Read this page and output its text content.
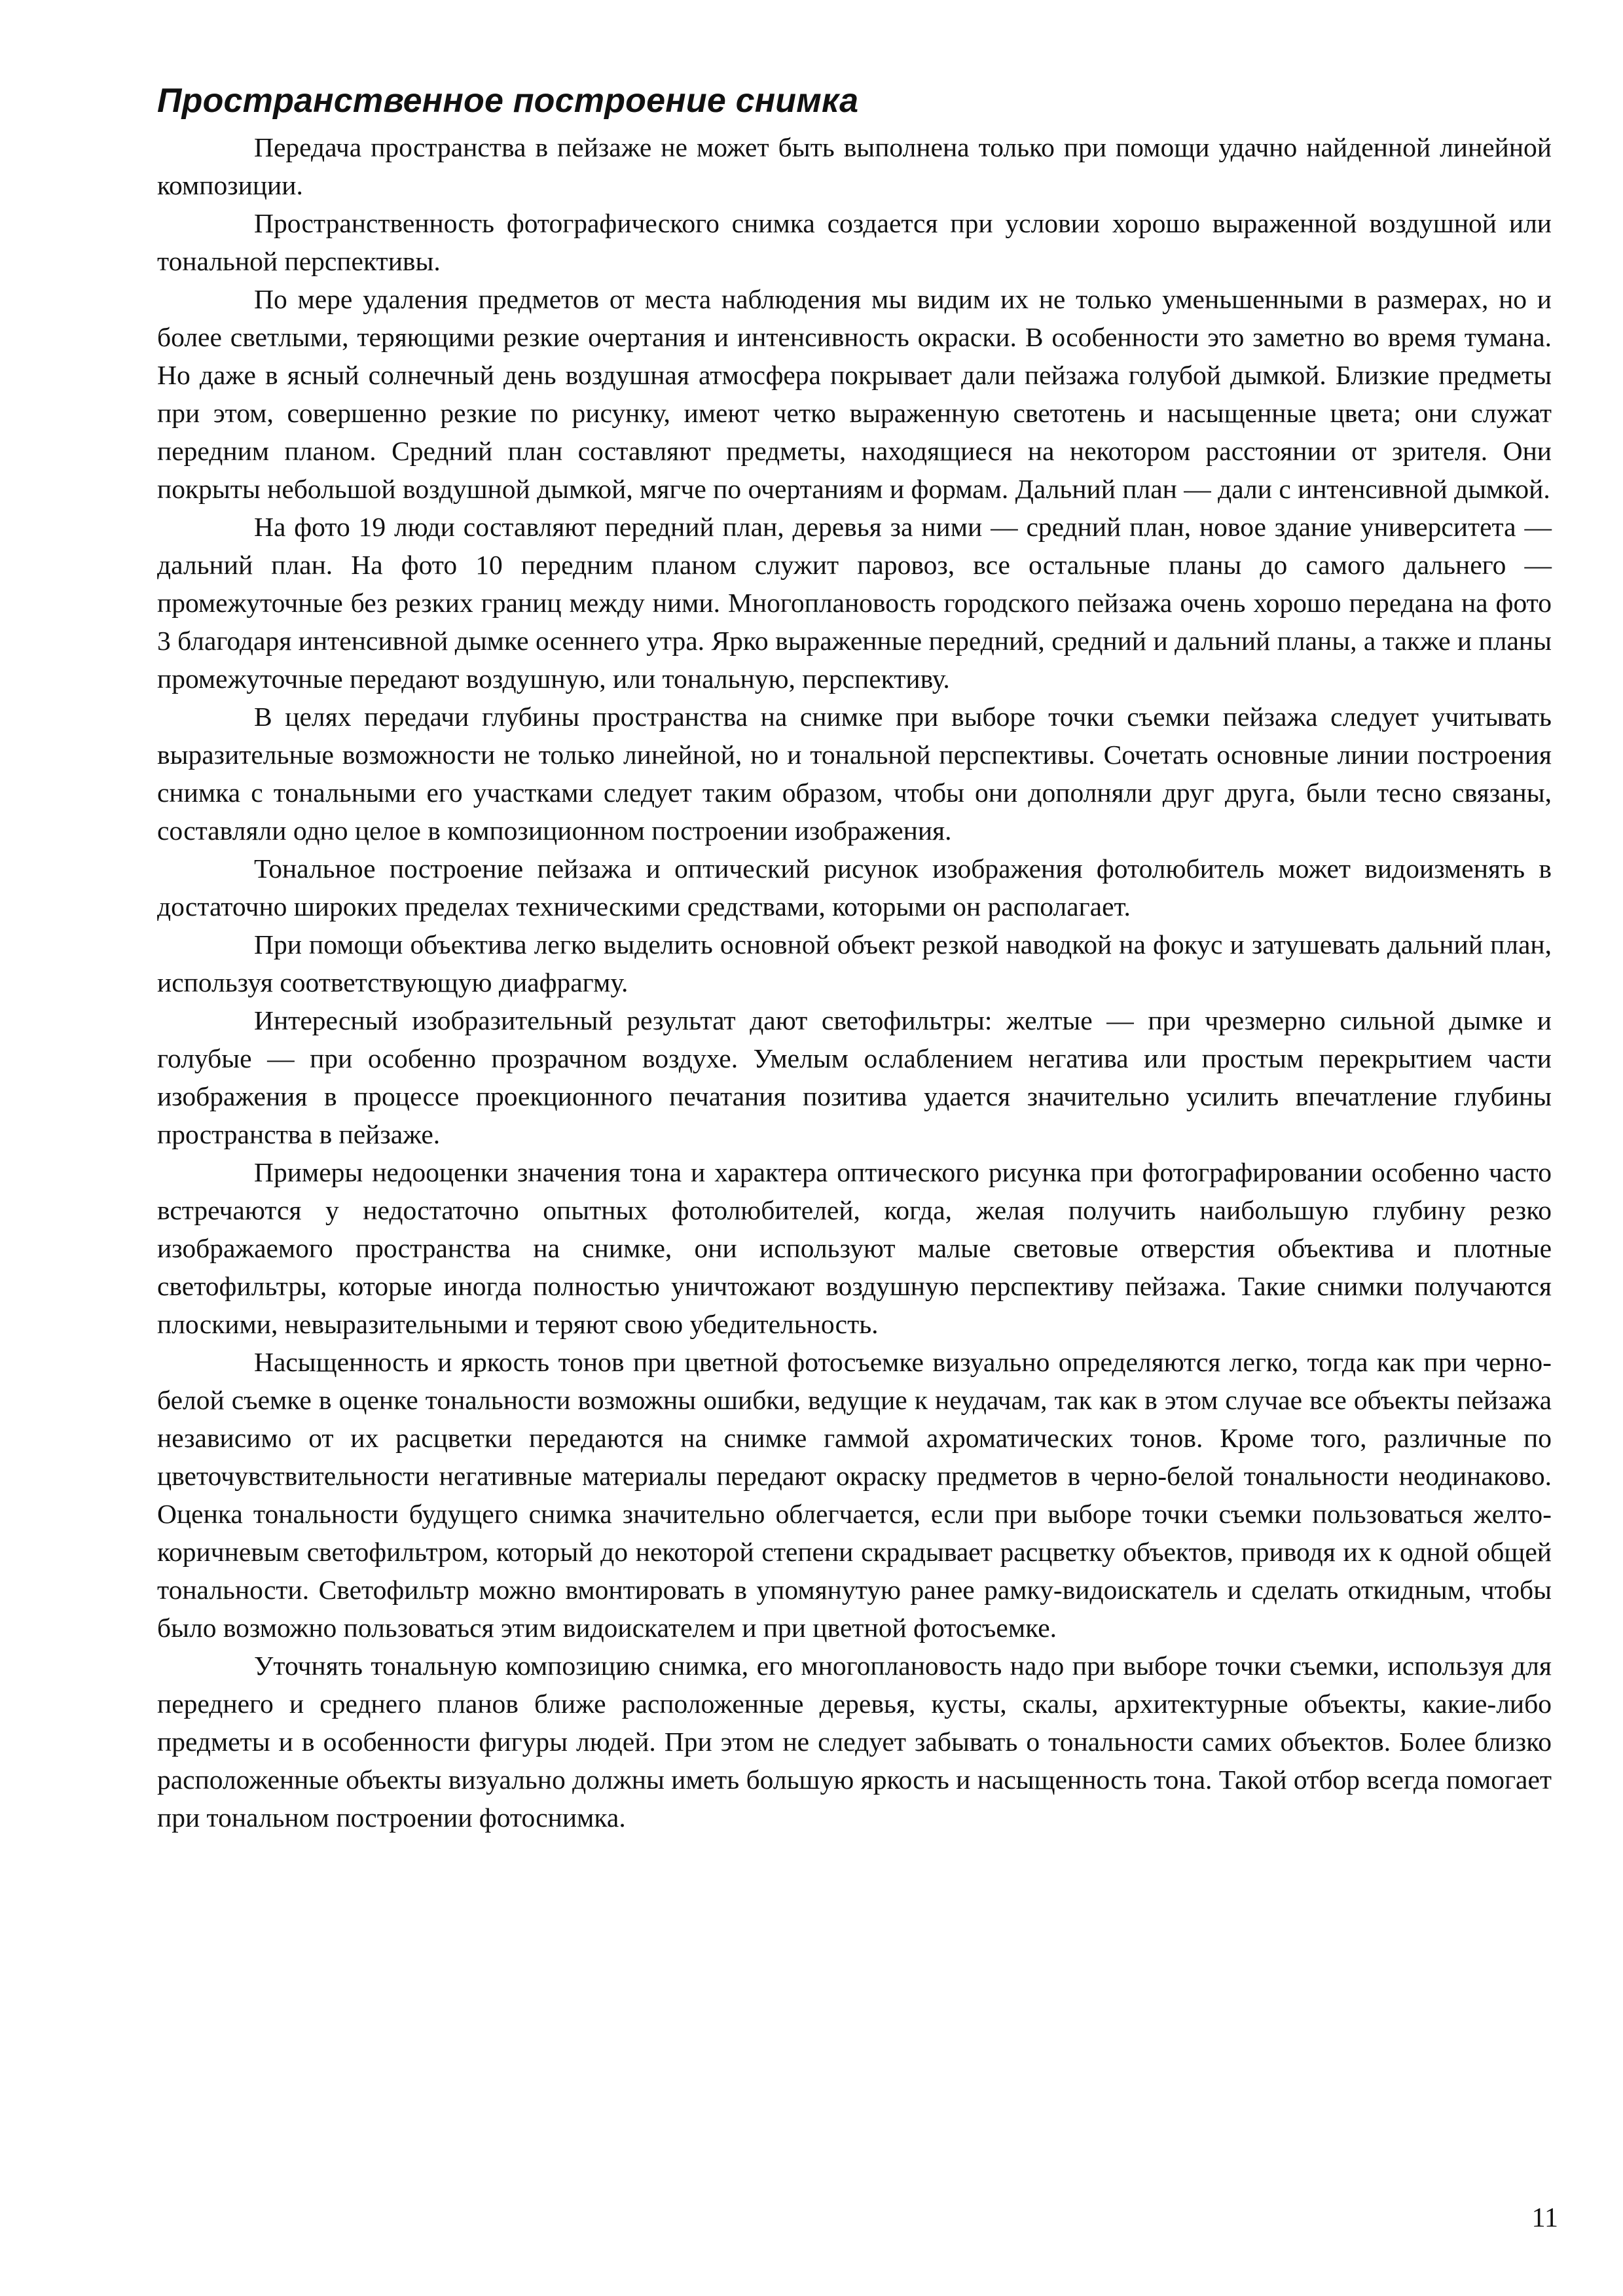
Пространственное построение снимка

Передача пространства в пейзаже не может быть выполнена только при помощи удачно найденной линейной композиции.

Пространственность фотографического снимка создается при условии хорошо выраженной воздушной или тональной перспективы.

По мере удаления предметов от места наблюдения мы видим их не только уменьшенными в размерах, но и более светлыми, теряющими резкие очертания и интенсивность окраски. В особенности это заметно во время тумана. Но даже в ясный солнечный день воздушная атмосфера покрывает дали пейзажа голубой дымкой. Близкие предметы при этом, совершенно резкие по рисунку, имеют четко выраженную светотень и насыщенные цвета; они служат передним планом. Средний план составляют предметы, находящиеся на некотором расстоянии от зрителя. Они покрыты небольшой воздушной дымкой, мягче по очертаниям и формам. Дальний план — дали с интенсивной дымкой.

На фото 19 люди составляют передний план, деревья за ними — средний план, новое здание университета — дальний план. На фото 10 передним планом служит паровоз, все остальные планы до самого дальнего — промежуточные без резких границ между ними. Многоплановость городского пейзажа очень хорошо передана на фото 3 благодаря интенсивной дымке осеннего утра. Ярко выраженные передний, средний и дальний планы, а также и планы промежуточные передают воздушную, или тональную, перспективу.

В целях передачи глубины пространства на снимке при выборе точки съемки пейзажа следует учитывать выразительные возможности не только линейной, но и тональной перспективы. Сочетать основные линии построения снимка с тональными его участками следует таким образом, чтобы они дополняли друг друга, были тесно связаны, составляли одно целое в композиционном построении изображения.

Тональное построение пейзажа и оптический рисунок изображения фотолюбитель может видоизменять в достаточно широких пределах техническими средствами, которыми он располагает.

При помощи объектива легко выделить основной объект резкой наводкой на фокус и затушевать дальний план, используя соответствующую диафрагму.

Интересный изобразительный результат дают светофильтры: желтые — при чрезмерно сильной дымке и голубые — при особенно прозрачном воздухе. Умелым ослаблением негатива или простым перекрытием части изображения в процессе проекционного печатания позитива удается значительно усилить впечатление глубины пространства в пейзаже.

Примеры недооценки значения тона и характера оптического рисунка при фотографировании особенно часто встречаются у недостаточно опытных фотолюбителей, когда, желая получить наибольшую глубину резко изображаемого пространства на снимке, они используют малые световые отверстия объектива и плотные светофильтры, которые иногда полностью уничтожают воздушную перспективу пейзажа. Такие снимки получаются плоскими, невыразительными и теряют свою убедительность.

Насыщенность и яркость тонов при цветной фотосъемке визуально определяются легко, тогда как при черно-белой съемке в оценке тональности возможны ошибки, ведущие к неудачам, так как в этом случае все объекты пейзажа независимо от их расцветки передаются на снимке гаммой ахроматических тонов. Кроме того, различные по цветочувствительности негативные материалы передают окраску предметов в черно-белой тональности неодинаково. Оценка тональности будущего снимка значительно облегчается, если при выборе точки съемки пользоваться желто-коричневым светофильтром, который до некоторой степени скрадывает расцветку объектов, приводя их к одной общей тональности. Светофильтр можно вмонтировать в упомянутую ранее рамку-видоискатель и сделать откидным, чтобы было возможно пользоваться этим видоискателем и при цветной фотосъемке.

Уточнять тональную композицию снимка, его многоплановость надо при выборе точки съемки, используя для переднего и среднего планов ближе расположенные деревья, кусты, скалы, архитектурные объекты, какие-либо предметы и в особенности фигуры людей. При этом не следует забывать о тональности самих объектов. Более близко расположенные объекты визуально должны иметь большую яркость и насыщенность тона. Такой отбор всегда помогает при тональном построении фотоснимка.

11
